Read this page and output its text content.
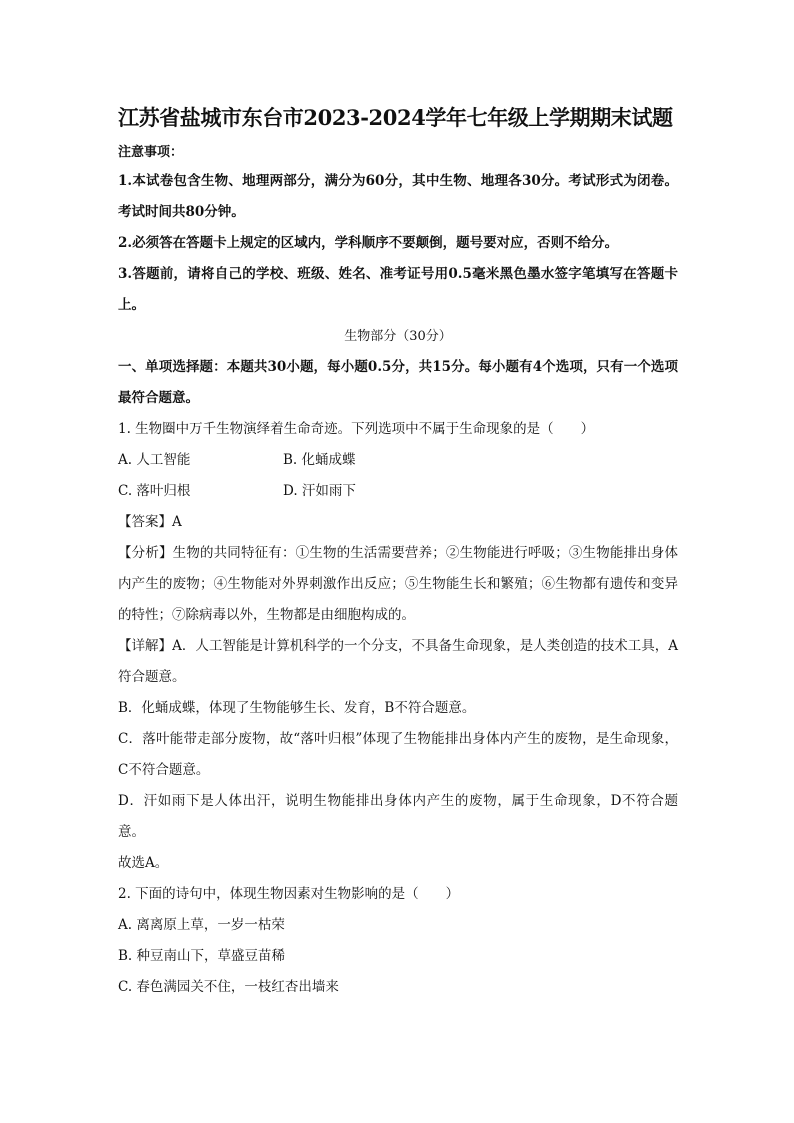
江苏省盐城市东台市2023-2024学年七年级上学期期末试题
注意事项：

1.本试卷包含生物、地理两部分，满分为60分，其中生物、地理各30分。考试形式为闭卷。考试时间共80分钟。

2.必须答在答题卡上规定的区域内，学科顺序不要颠倒，题号要对应，否则不给分。

3.答题前，请将自己的学校、班级、姓名、准考证号用0.5毫米黑色墨水签字笔填写在答题卡上。

生物部分（30分）

一、单项选择题：本题共30小题，每小题0.5分，共15分。每小题有4个选项，只有一个选项最符合题意。

1. 生物圈中万千生物演绎着生命奇迹。下列选项中不属于生命现象的是（　　）

A. 人工智能	B. 化蛹成蝶
C. 落叶归根	D. 汗如雨下

【答案】A

【分析】生物的共同特征有：①生物的生活需要营养；②生物能进行呼吸；③生物能排出身体内产生的废物；④生物能对外界刺激作出反应；⑤生物能生长和繁殖；⑥生物都有遗传和变异的特性；⑦除病毒以外，生物都是由细胞构成的。

【详解】A．人工智能是计算机科学的一个分支，不具备生命现象，是人类创造的技术工具，A符合题意。

B．化蛹成蝶，体现了生物能够生长、发育，B不符合题意。

C．落叶能带走部分废物，故“落叶归根”体现了生物能排出身体内产生的废物，是生命现象，C不符合题意。

D．汗如雨下是人体出汗，说明生物能排出身体内产生的废物，属于生命现象，D不符合题意。

故选A。

2. 下面的诗句中，体现生物因素对生物影响的是（　　）

A. 离离原上草，一岁一枯荣

B. 种豆南山下，草盛豆苗稀

C. 春色满园关不住，一枝红杏出墙来
